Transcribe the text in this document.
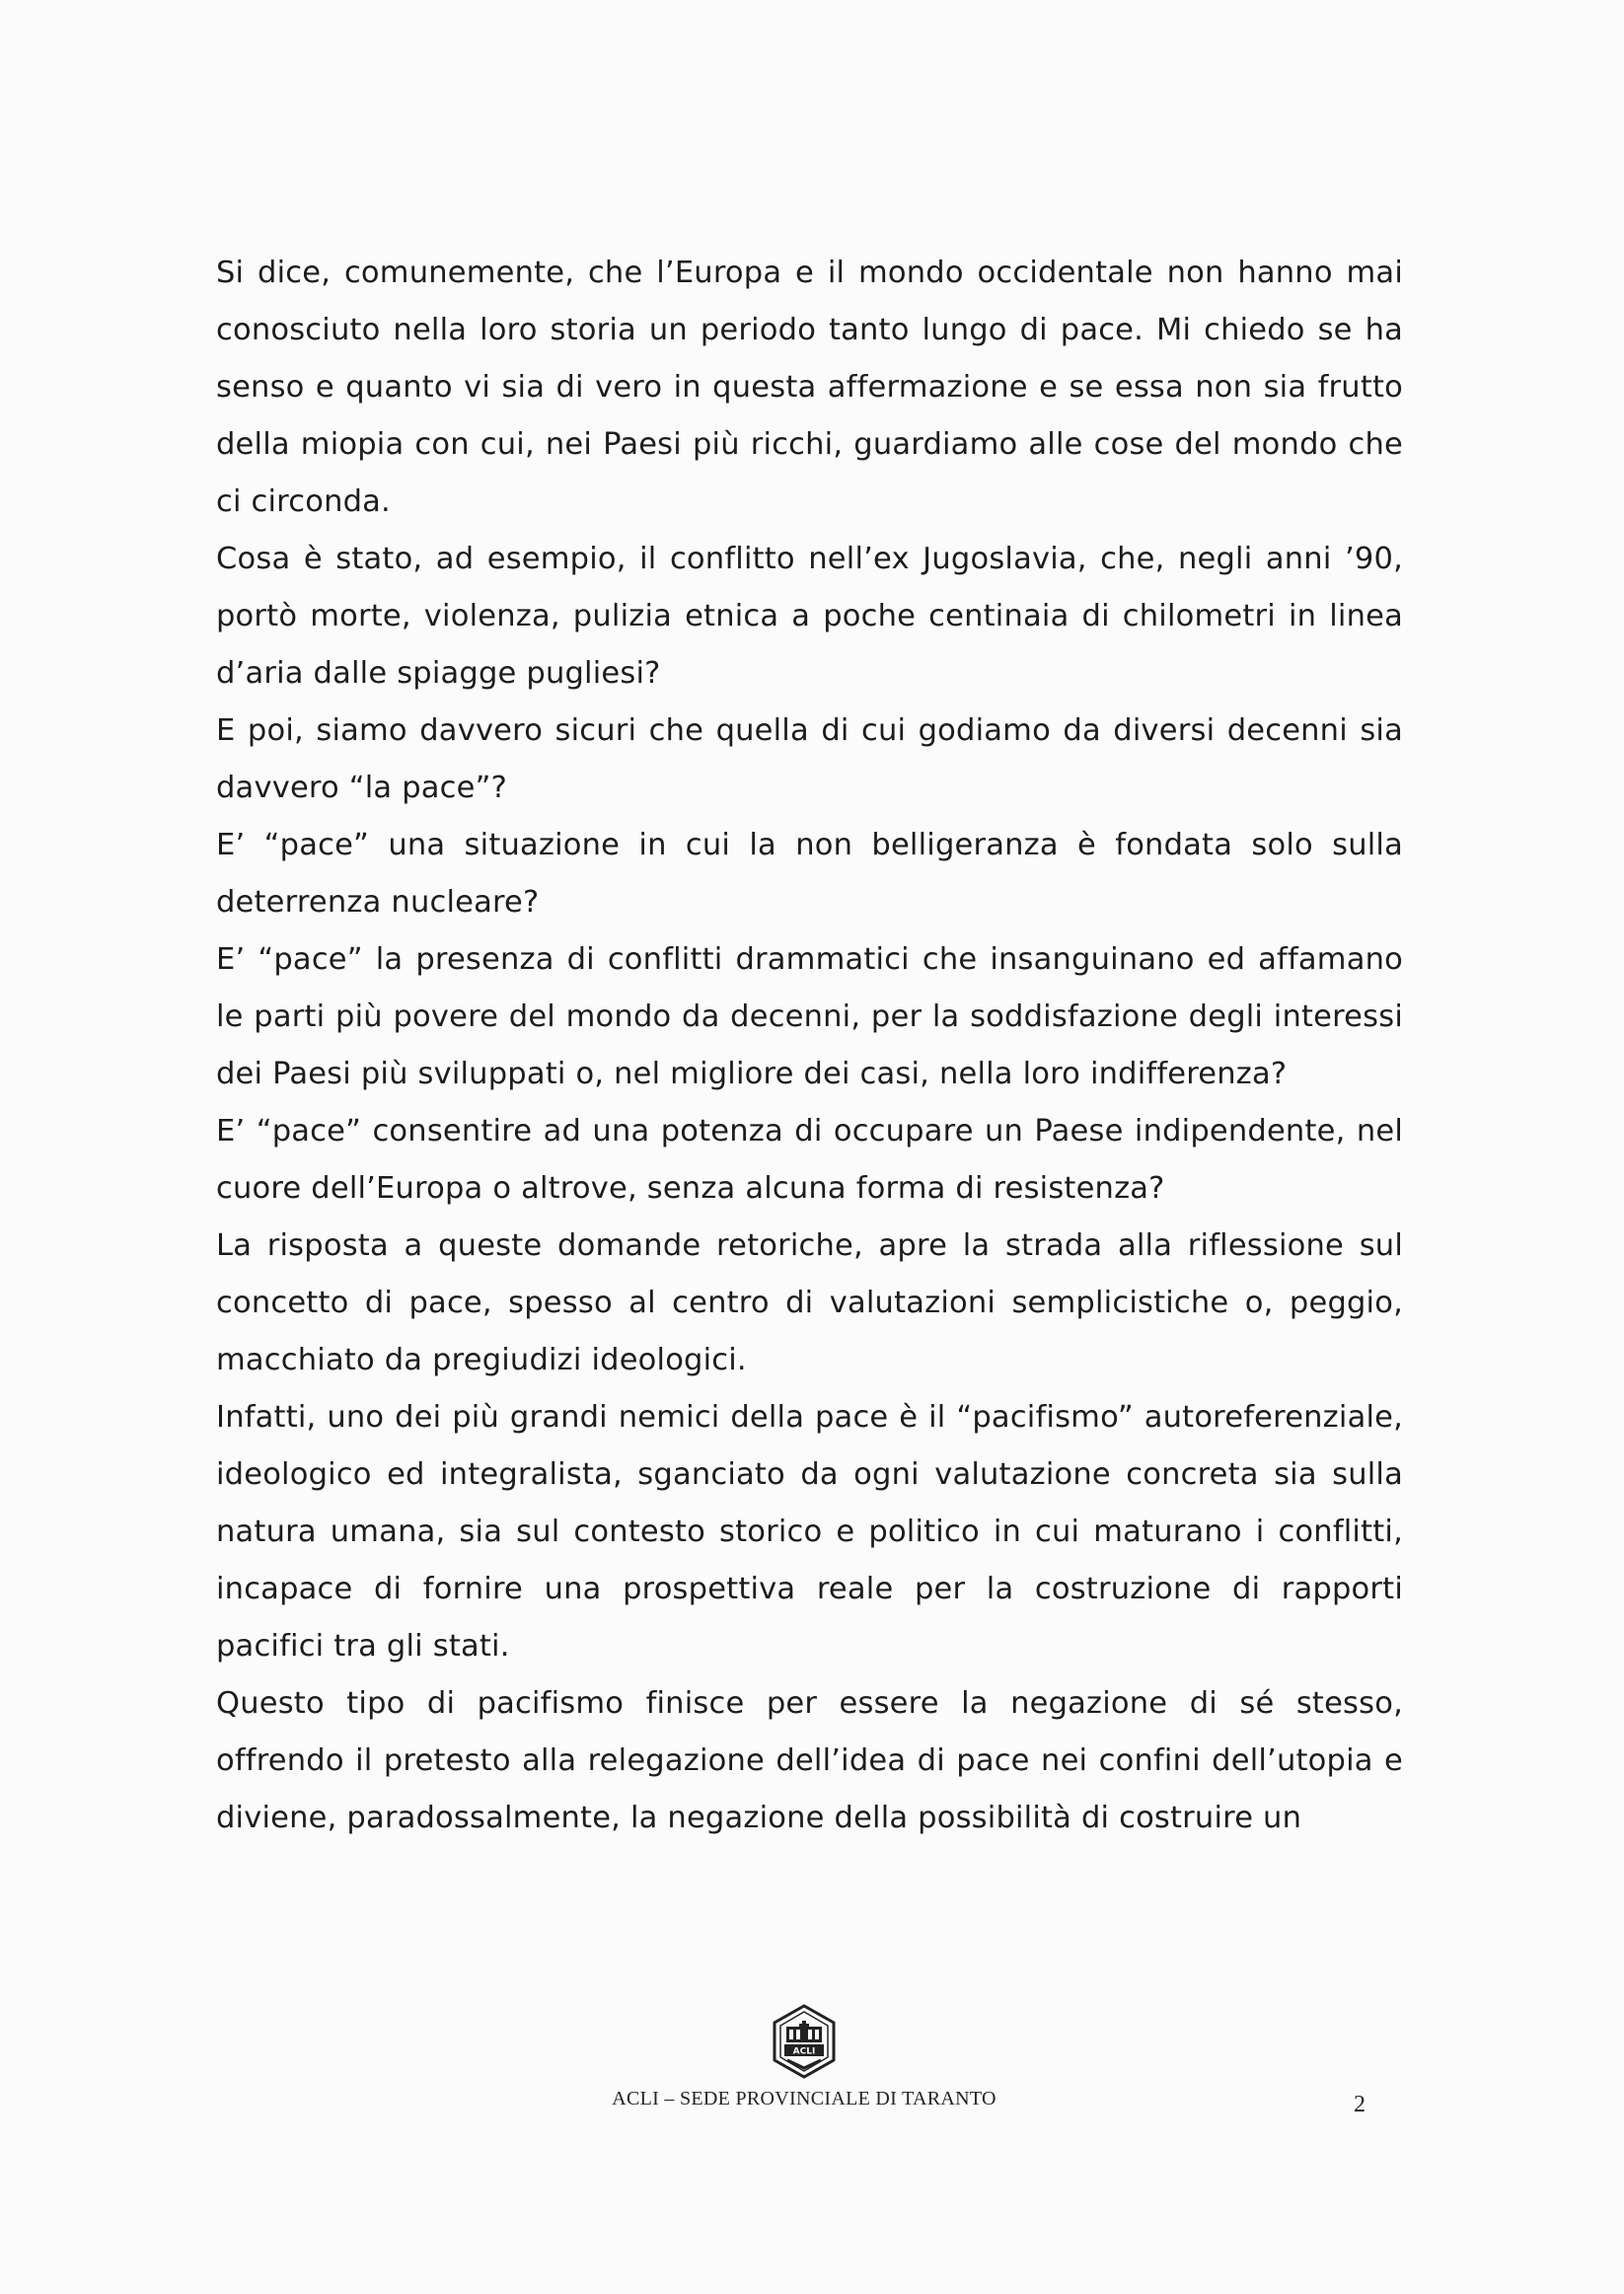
Si dice, comunemente, che l’Europa e il mondo occidentale non hanno mai conosciuto nella loro storia un periodo tanto lungo di pace. Mi chiedo se ha senso e quanto vi sia di vero in questa affermazione e se essa non sia frutto della miopia con cui, nei Paesi più ricchi, guardiamo alle cose del mondo che ci circonda.

Cosa è stato, ad esempio, il conflitto nell’ex Jugoslavia, che, negli anni ’90, portò morte, violenza, pulizia etnica a poche centinaia di chilometri in linea d’aria dalle spiagge pugliesi?

E poi, siamo davvero sicuri che quella di cui godiamo da diversi decenni sia davvero “la pace”?

E’ “pace” una situazione in cui la non belligeranza è fondata solo sulla deterrenza nucleare?

E’ “pace” la presenza di conflitti drammatici che insanguinano ed affamano le parti più povere del mondo da decenni, per la soddisfazione degli interessi dei Paesi più sviluppati o, nel migliore dei casi, nella loro indifferenza?

E’ “pace” consentire ad una potenza di occupare un Paese indipendente, nel cuore dell’Europa o altrove, senza alcuna forma di resistenza?

La risposta a queste domande retoriche, apre la strada alla riflessione sul concetto di pace, spesso al centro di valutazioni semplicistiche o, peggio, macchiato da pregiudizi ideologici.

Infatti, uno dei più grandi nemici della pace è il “pacifismo” autoreferenziale, ideologico ed integralista, sganciato da ogni valutazione concreta sia sulla natura umana, sia sul contesto storico e politico in cui maturano i conflitti, incapace di fornire una prospettiva reale per la costruzione di rapporti pacifici tra gli stati.

Questo tipo di pacifismo finisce per essere la negazione di sé stesso, offrendo il pretesto alla relegazione dell’idea di pace nei confini dell’utopia e diviene, paradossalmente, la negazione della possibilità di costruire un

ACLI
ACLI – SEDE PROVINCIALE DI TARANTO	2
